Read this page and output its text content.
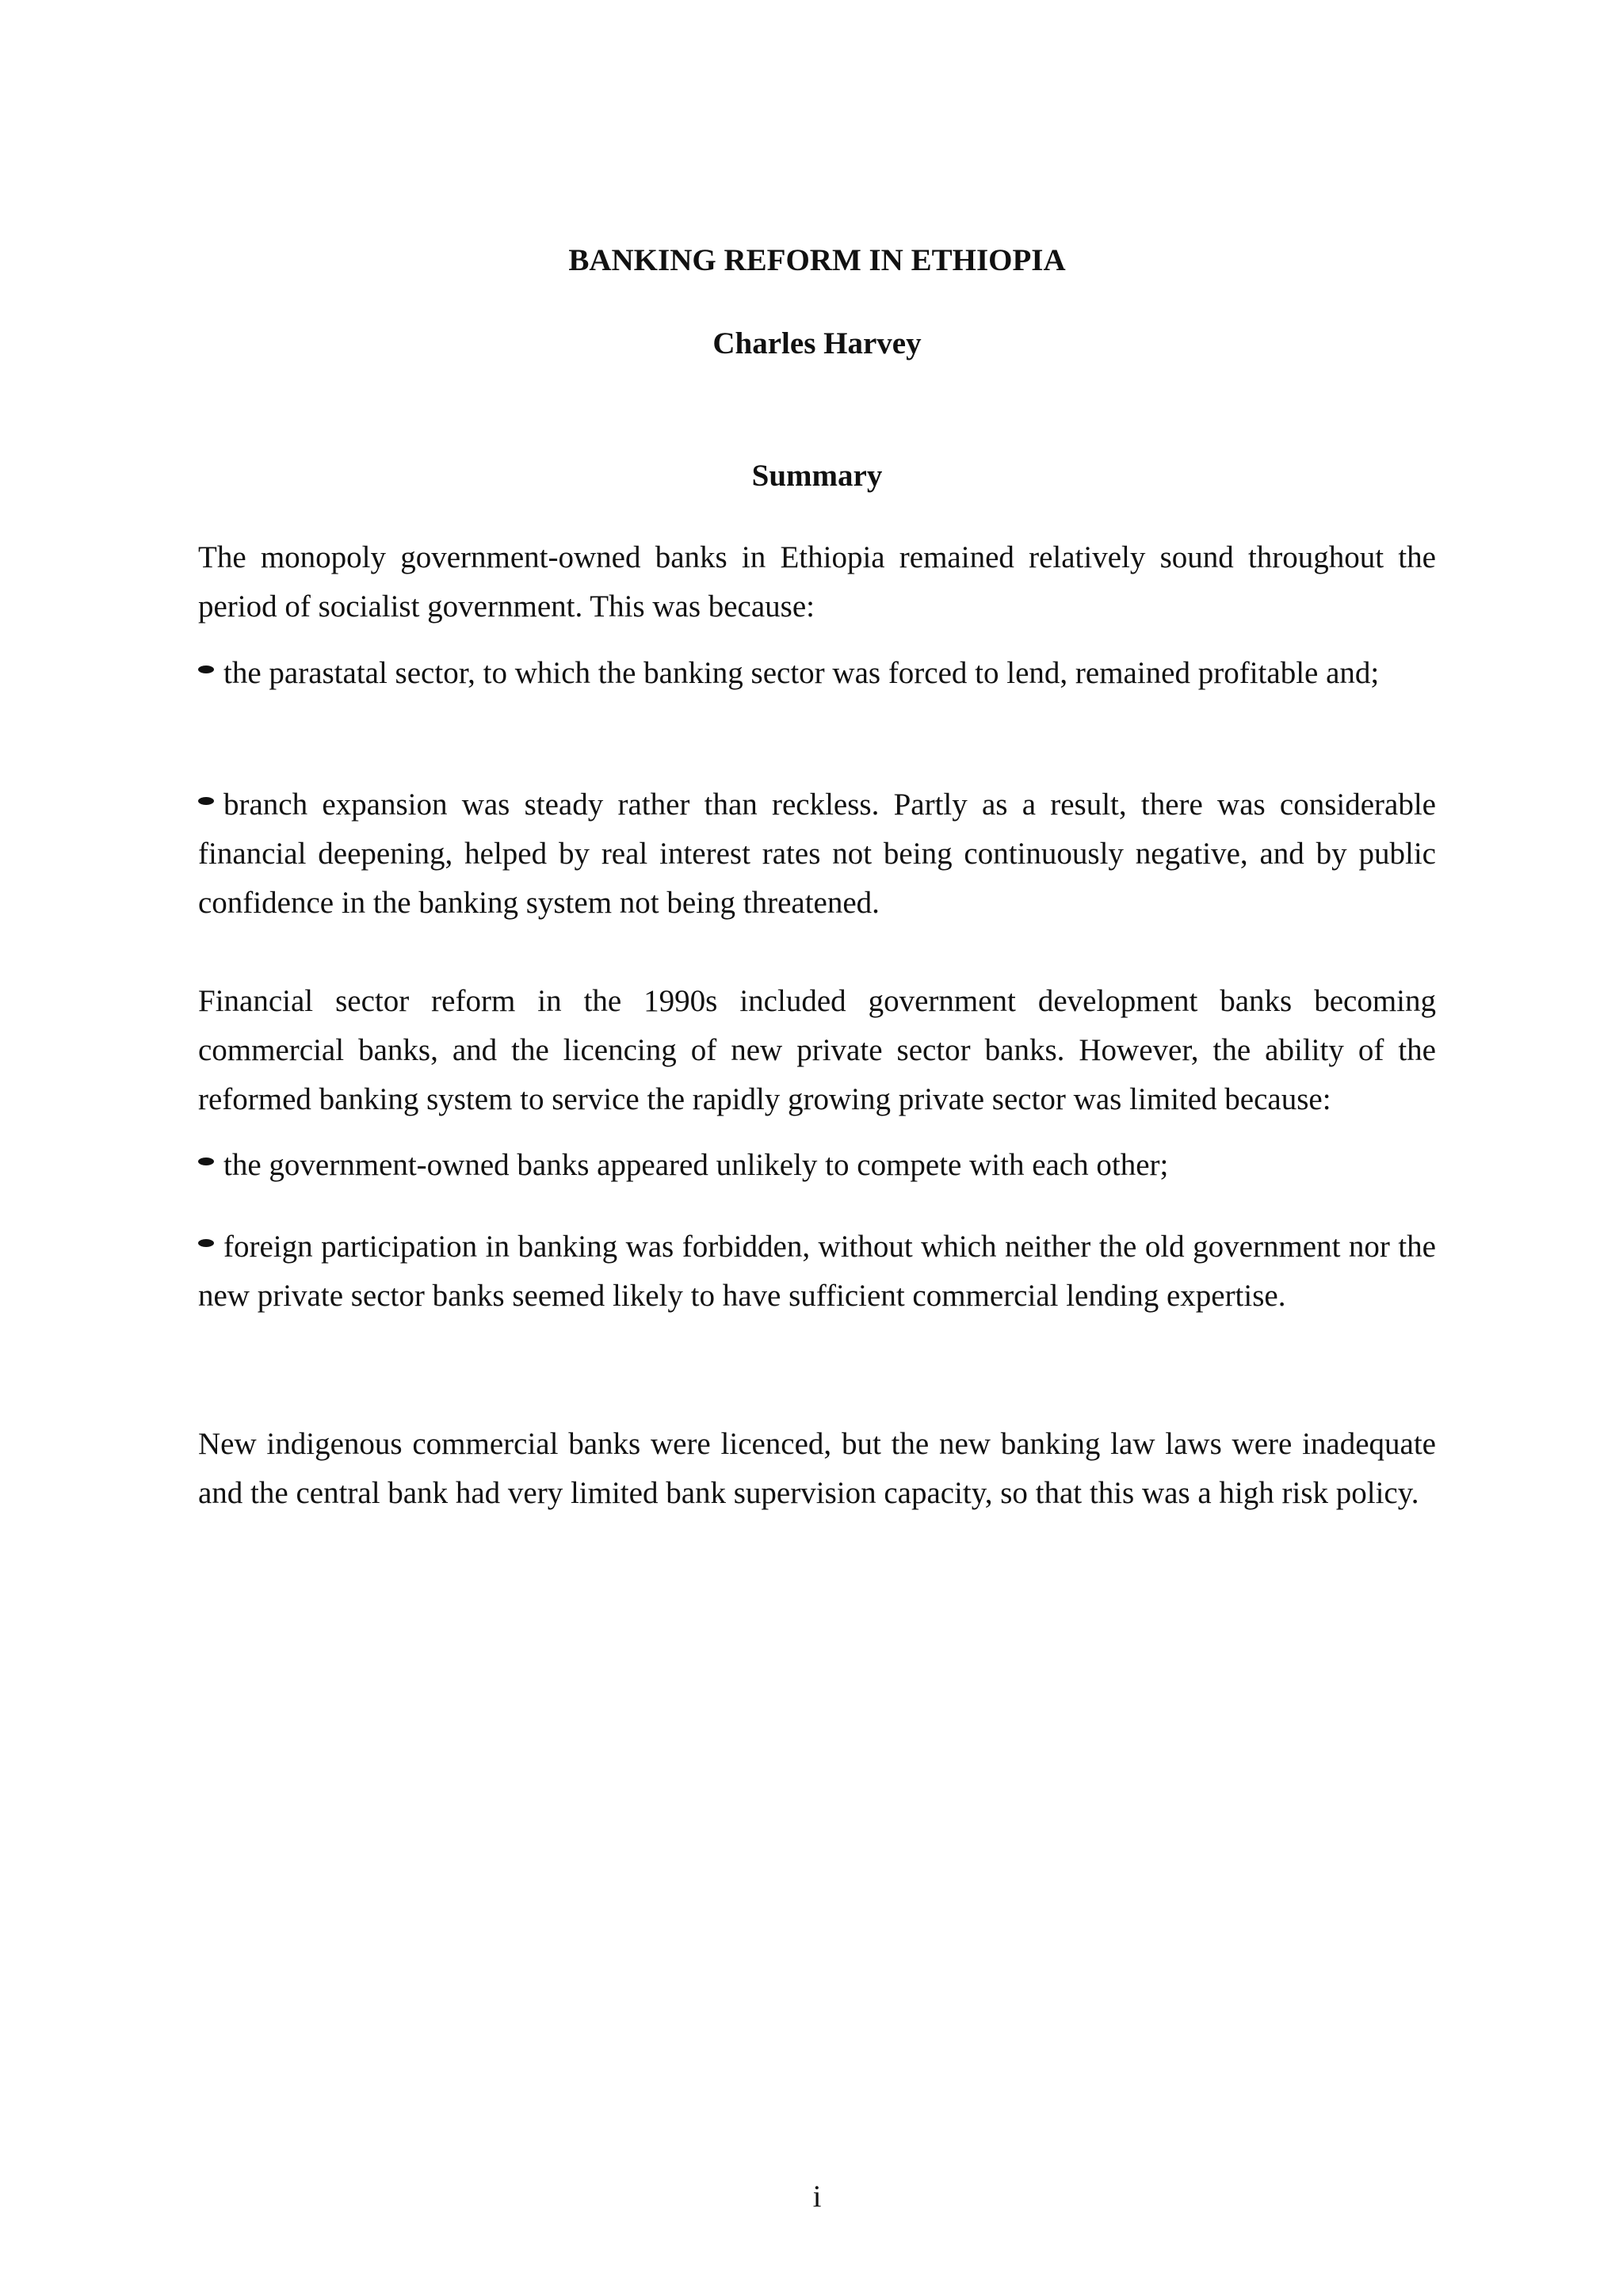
BANKING REFORM IN ETHIOPIA
Charles Harvey
Summary

The monopoly government-owned banks in Ethiopia remained relatively sound throughout the period of socialist government. This was because:

the parastatal sector, to which the banking sector was forced to lend, remained profitable and;

branch expansion was steady rather than reckless. Partly as a result, there was considerable financial deepening, helped by real interest rates not being continuously negative, and by public confidence in the banking system not being threatened.

Financial sector reform in the 1990s included government development banks becoming commercial banks, and the licencing of new private sector banks. However, the ability of the reformed banking system to service the rapidly growing private sector was limited because:

the government-owned banks appeared unlikely to compete with each other;

foreign participation in banking was forbidden, without which neither the old government nor the new private sector banks seemed likely to have sufficient commercial lending expertise.

New indigenous commercial banks were licenced, but the new banking law laws were inadequate and the central bank had very limited bank supervision capacity, so that this was a high risk policy.

i
